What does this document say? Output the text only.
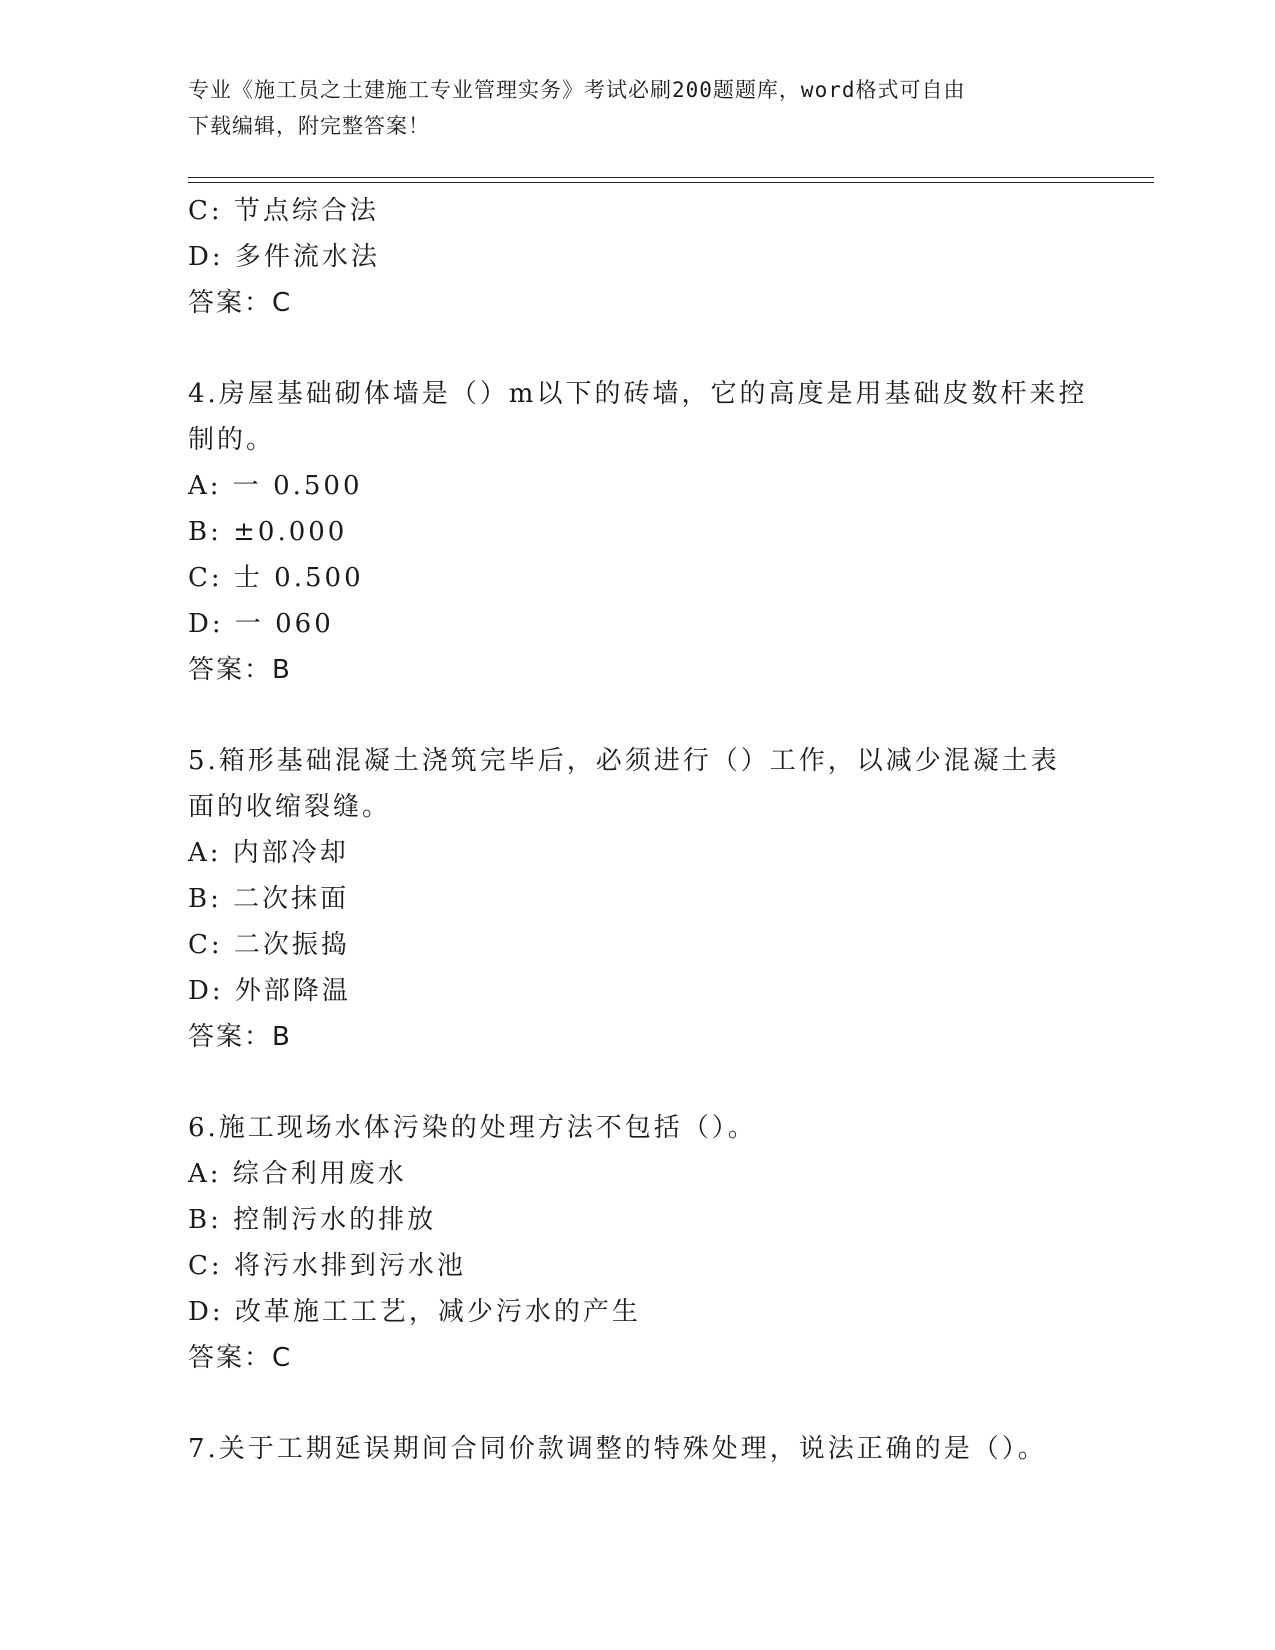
专业《施工员之土建施工专业管理实务》考试必刷200题题库，word格式可自由
下载编辑，附完整答案！
C: 节点综合法
D: 多件流水法
答案：C
4.房屋基础砌体墙是（）m以下的砖墙，它的高度是用基础皮数杆来控
制的。
A: 一 0.500
B: ±0.000
C: 士 0.500
D: 一 060
答案：B
5.箱形基础混凝土浇筑完毕后，必须进行（）工作，以减少混凝土表
面的收缩裂缝。
A: 内部冷却
B: 二次抹面
C: 二次振捣
D: 外部降温
答案：B
6.施工现场水体污染的处理方法不包括（）。
A: 综合利用废水
B: 控制污水的排放
C: 将污水排到污水池
D: 改革施工工艺，减少污水的产生
答案：C
7.关于工期延误期间合同价款调整的特殊处理，说法正确的是（）。
